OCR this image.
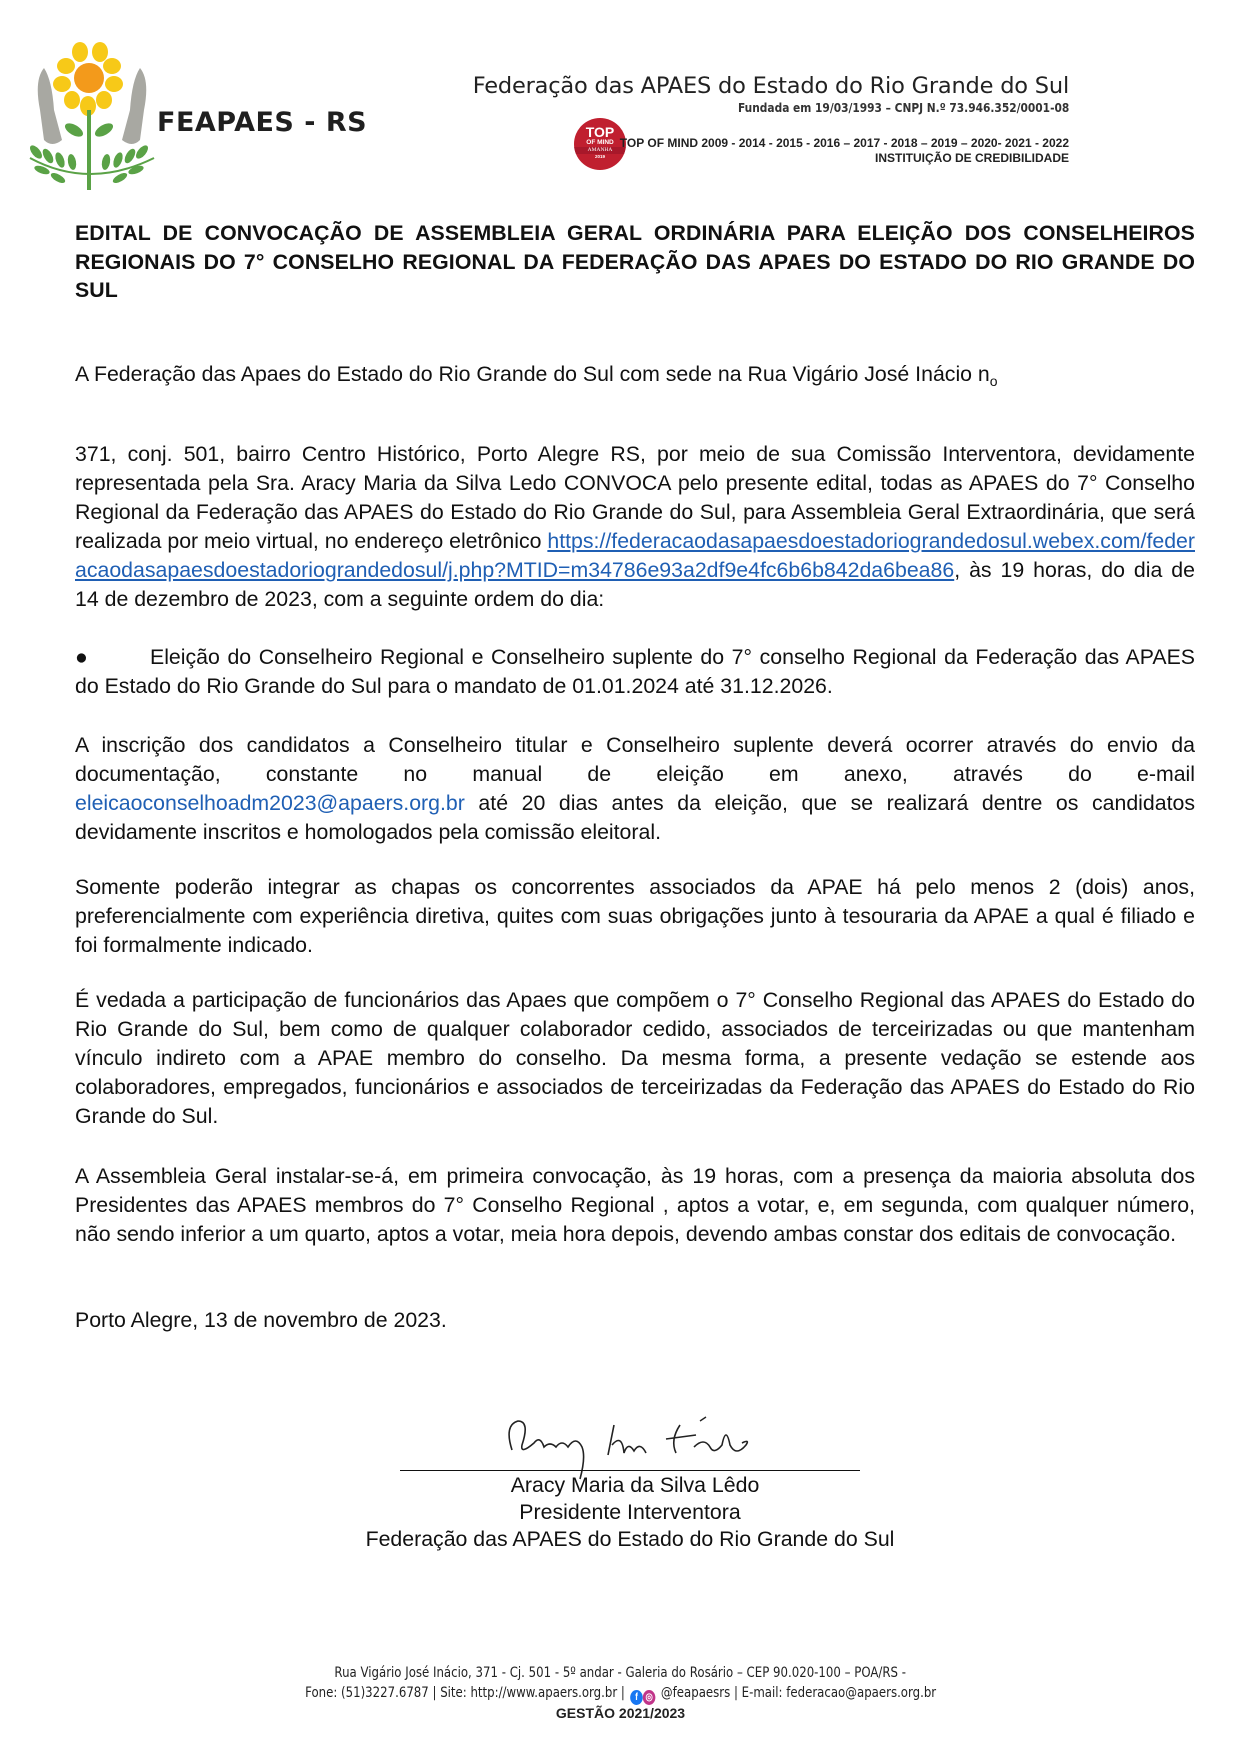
FEAPAES - RS
Federação das APAES do Estado do Rio Grande do Sul
Fundada em 19/03/1993 – CNPJ N.º 73.946.352/0001-08
TOP
OF MIND
AMANHA
2019
TOP OF MIND 2009 - 2014 - 2015 - 2016 – 2017 - 2018 – 2019 – 2020- 2021 - 2022
INSTITUIÇÃO DE CREDIBILIDADE
EDITAL DE CONVOCAÇÃO DE ASSEMBLEIA GERAL ORDINÁRIA PARA ELEIÇÃO DOS CONSELHEIROS REGIONAIS DO 7° CONSELHO REGIONAL DA FEDERAÇÃO DAS APAES DO ESTADO DO RIO GRANDE DO SUL
A Federação das Apaes do Estado do Rio Grande do Sul com sede na Rua Vigário José Inácio $n_o$
371, conj. 501, bairro Centro Histórico, Porto Alegre RS, por meio de sua Comissão Interventora, devidamente representada pela Sra. Aracy Maria da Silva Ledo CONVOCA pelo presente edital, todas as APAES do 7° Conselho Regional da Federação das APAES do Estado do Rio Grande do Sul, para Assembleia Geral Extraordinária, que será realizada por meio virtual, no endereço eletrônico https://federacaodasapaesdoestadoriograndedosul.webex.com/federacaodasapaesdoestadoriograndedosul/j.php?MTID=m34786e93a2df9e4fc6b6b842da6bea86, às 19 horas, do dia de 14 de dezembro de 2023, com a seguinte ordem do dia:
●	Eleição do Conselheiro Regional e Conselheiro suplente do 7° conselho Regional da Federação das APAES do Estado do Rio Grande do Sul para o mandato de 01.01.2024 até 31.12.2026.
A inscrição dos candidatos a Conselheiro titular e Conselheiro suplente deverá ocorrer através do envio da documentação, constante no manual de eleição em anexo, através do e-mail eleicaoconselhoadm2023@apaers.org.br até 20 dias antes da eleição, que se realizará dentre os candidatos devidamente inscritos e homologados pela comissão eleitoral.
Somente poderão integrar as chapas os concorrentes associados da APAE há pelo menos 2 (dois) anos, preferencialmente com experiência diretiva, quites com suas obrigações junto à tesouraria da APAE a qual é filiado e foi formalmente indicado.
É vedada a participação de funcionários das Apaes que compõem o 7° Conselho Regional das APAES do Estado do Rio Grande do Sul, bem como de qualquer colaborador cedido, associados de terceirizadas ou que mantenham vínculo indireto com a APAE membro do conselho. Da mesma forma, a presente vedação se estende aos colaboradores, empregados, funcionários e associados de terceirizadas da Federação das APAES do Estado do Rio Grande do Sul.
A Assembleia Geral instalar-se-á, em primeira convocação, às 19 horas, com a presença da maioria absoluta dos Presidentes das APAES membros do 7° Conselho Regional , aptos a votar, e, em segunda, com qualquer número, não sendo inferior a um quarto, aptos a votar, meia hora depois, devendo ambas constar dos editais de convocação.
Porto Alegre, 13 de novembro de 2023.
Aracy Maria da Silva Lêdo
Presidente Interventora
Federação das APAES do Estado do Rio Grande do Sul
Rua Vigário José Inácio, 371 - Cj. 501 - 5º andar - Galeria do Rosário – CEP 90.020-100 – POA/RS -
Fone: (51)3227.6787 | Site: http://www.apaers.org.br | f ◎ @feapaesrs | E-mail: federacao@apaers.org.br
GESTÃO 2021/2023
